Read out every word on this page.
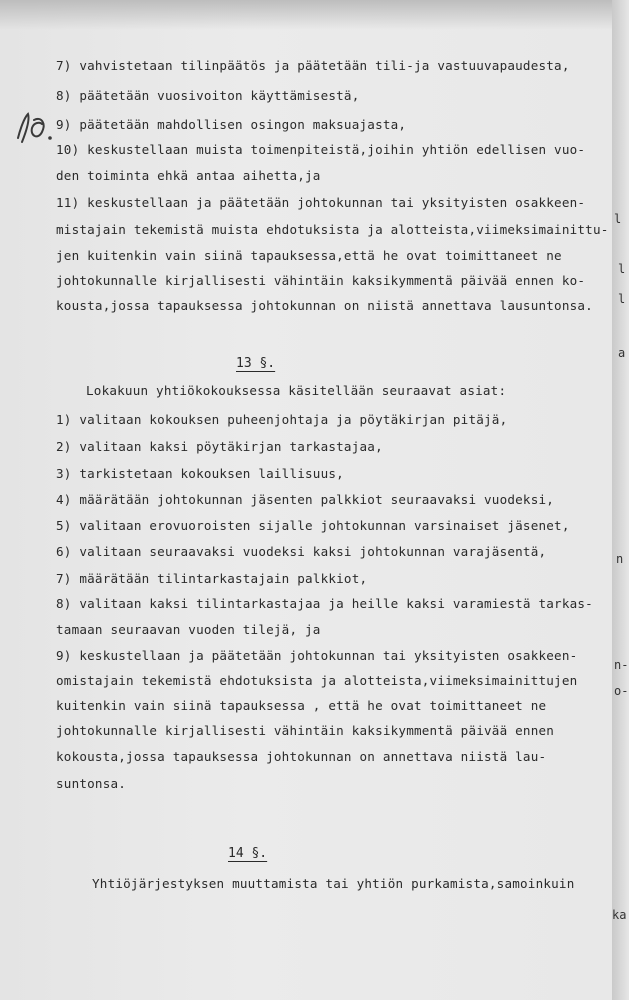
7) vahvistetaan tilinpäätös ja päätetään tili-ja vastuuvapaudesta,
8) päätetään vuosivoiton käyttämisestä,
9) päätetään mahdollisen osingon maksuajasta,
10) keskustellaan muista toimenpiteistä,joihin yhtiön edellisen vuo-
den toiminta ehkä antaa aihetta,ja
11) keskustellaan ja päätetään johtokunnan tai yksityisten osakkeen-
mistajain tekemistä muista ehdotuksista ja alotteista,viimeksimainittu-
jen kuitenkin vain siinä tapauksessa,että he ovat toimittaneet ne
johtokunnalle kirjallisesti vähintäin kaksikymmentä päivää ennen ko-
kousta,jossa tapauksessa johtokunnan on niistä annettava lausuntonsa.
13 §.
Lokakuun yhtiökokouksessa käsitellään seuraavat asiat:
1) valitaan kokouksen puheenjohtaja ja pöytäkirjan pitäjä,
2) valitaan kaksi pöytäkirjan tarkastajaa,
3) tarkistetaan kokouksen laillisuus,
4) määrätään johtokunnan jäsenten palkkiot seuraavaksi vuodeksi,
5) valitaan erovuoroisten sijalle johtokunnan varsinaiset jäsenet,
6) valitaan seuraavaksi vuodeksi kaksi johtokunnan varajäsentä,
7) määrätään tilintarkastajain palkkiot,
8) valitaan kaksi tilintarkastajaa ja heille kaksi varamiestä tarkas-
tamaan seuraavan vuoden tilejä, ja
9) keskustellaan ja päätetään johtokunnan tai yksityisten osakkeen-
omistajain tekemistä ehdotuksista ja alotteista,viimeksimainittujen
kuitenkin vain siinä tapauksessa , että he ovat toimittaneet ne
johtokunnalle kirjallisesti vähintäin kaksikymmentä päivää ennen
kokousta,jossa tapauksessa johtokunnan on annettava niistä lau-
suntonsa.
14 §.
Yhtiöjärjestyksen muuttamista tai yhtiön purkamista,samoinkuin
l
l
l
a
n
n-
o-
ka
